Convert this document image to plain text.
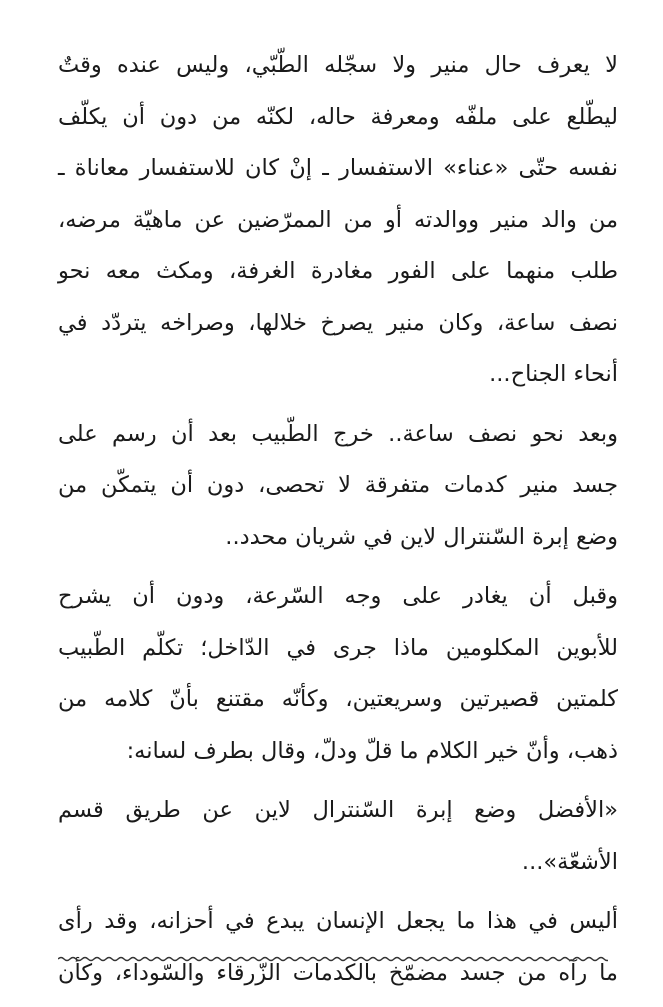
لا يعرف حال منير ولا سجّله الطّبّي، وليس عنده وقتٌ
ليطّلع على ملفّه ومعرفة حاله، لكنّه من دون أن يكلّف
نفسه حتّى «عناء» الاستفسار ـ إنْ كان للاستفسار معاناة ـ
من والد منير ووالدته أو من الممرّضين عن ماهيّة مرضه،
طلب منهما على الفور مغادرة الغرفة، ومكث معه نحو
نصف ساعة، وكان منير يصرخ خلالها، وصراخه يتردّد في
أنحاء الجناح...
وبعد نحو نصف ساعة.. خرج الطّبيب بعد أن رسم على
جسد منير كدمات متفرقة لا تحصى، دون أن يتمكّن من
وضع إبرة السّنترال لاين في شريان محدد..
وقبل أن يغادر على وجه السّرعة، ودون أن يشرح
للأبوين المكلومين ماذا جرى في الدّاخل؛ تكلّم الطّبيب
كلمتين قصيرتين وسريعتين، وكأنّه مقتنع بأنّ كلامه من
ذهب، وأنّ خير الكلام ما قلّ ودلّ، وقال بطرف لسانه:
«الأفضل وضع إبرة السّنترال لاين عن طريق قسم
الأشعّة»...
أليس في هذا ما يجعل الإنسان يبدع في أحزانه، وقد رأى
ما رآه من جسد مضمّخ بالكدمات الزّرقاء والسّوداء، وكأن
